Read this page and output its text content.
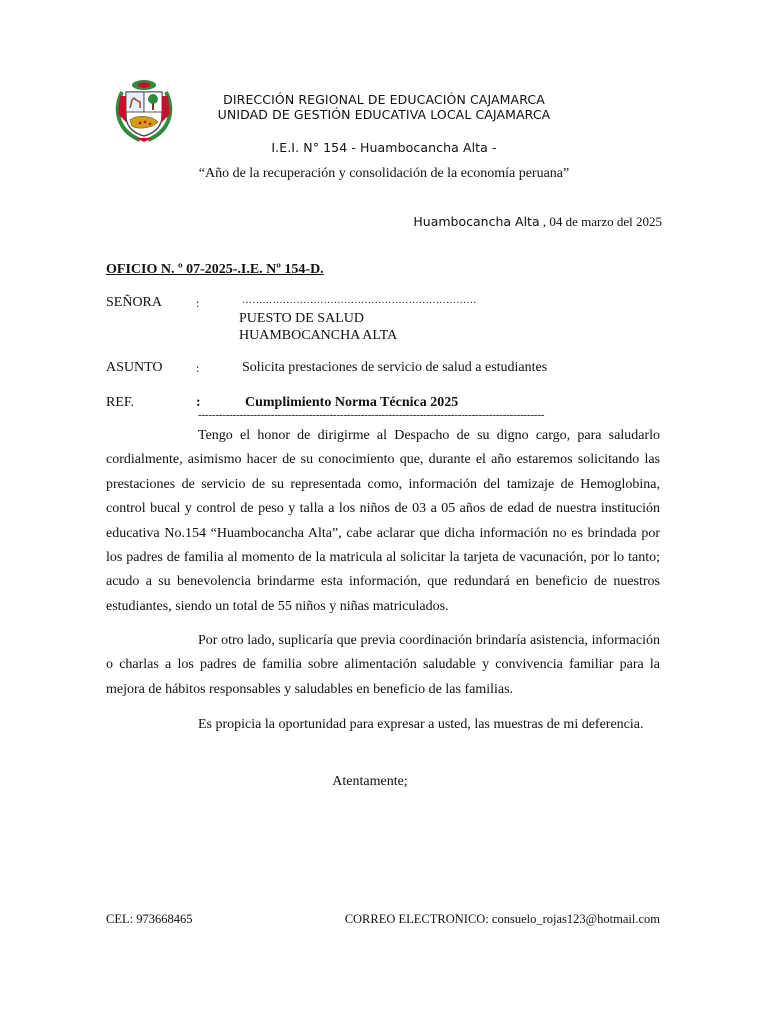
DIRECCIÓN REGIONAL DE EDUCACIÓN CAJAMARCA
UNIDAD DE GESTIÓN EDUCATIVA LOCAL CAJAMARCA
I.E.I. N° 154 - Huambocancha Alta -
“Año de la recuperación y consolidación de la economía peruana”
Huambocancha Alta , 04 de marzo del 2025
OFICIO N. º 07-2025-.I.E. Nº 154-D.
SEÑORA	:	……………………………………………………………
PUESTO DE SALUD
HUAMBOCANCHA ALTA
ASUNTO	:	Solicita prestaciones de servicio de salud a estudiantes
REF.	:	Cumplimiento Norma Técnica 2025
----------------------------------------------------------------------------------------------------
Tengo el honor de dirigirme al Despacho de su digno cargo, para saludarlo cordialmente, asimismo hacer de su conocimiento que, durante el año estaremos solicitando las prestaciones de servicio de su representada como, información del tamizaje de Hemoglobina, control bucal y control de peso y talla a los niños de 03 a 05 años de edad de nuestra institución educativa No.154 “Huambocancha Alta”, cabe aclarar que dicha información no es brindada por los padres de familia al momento de la matricula al solicitar la tarjeta de vacunación, por lo tanto; acudo a su benevolencia brindarme esta información, que redundará en beneficio de nuestros estudiantes, siendo un total de 55 niños y niñas matriculados.
Por otro lado, suplicaría que previa coordinación brindaría asistencia, información o charlas a los padres de familia sobre alimentación saludable y convivencia familiar para la mejora de hábitos responsables y saludables en beneficio de las familias.
Es propicia la oportunidad para expresar a usted, las muestras de mi deferencia.
Atentamente;
CEL: 973668465	CORREO ELECTRONICO: consuelo_rojas123@hotmail.com
